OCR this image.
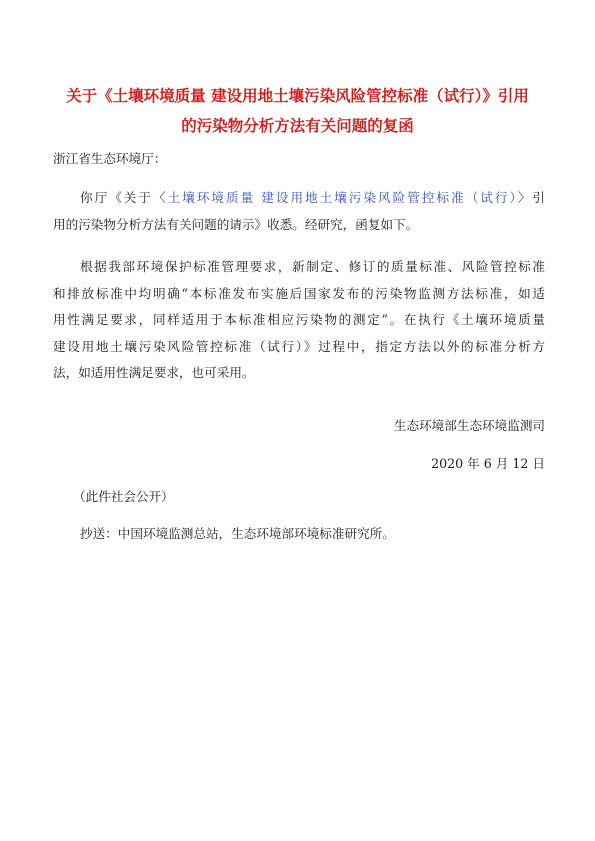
关于《土壤环境质量 建设用地土壤污染风险管控标准（试行）》引用
的污染物分析方法有关问题的复函
浙江省生态环境厅：
你厅《关于〈土壤环境质量 建设用地土壤污染风险管控标准（试行）〉引
用的污染物分析方法有关问题的请示》收悉。经研究，函复如下。
根据我部环境保护标准管理要求，新制定、修订的质量标准、风险管控标准
和排放标准中均明确“本标准发布实施后国家发布的污染物监测方法标准，如适
用性满足要求，同样适用于本标准相应污染物的测定”。在执行《土壤环境质量
建设用地土壤污染风险管控标准（试行）》过程中，指定方法以外的标准分析方
法，如适用性满足要求，也可采用。
生态环境部生态环境监测司
2020 年 6 月 12 日
（此件社会公开）
抄送：中国环境监测总站，生态环境部环境标准研究所。
